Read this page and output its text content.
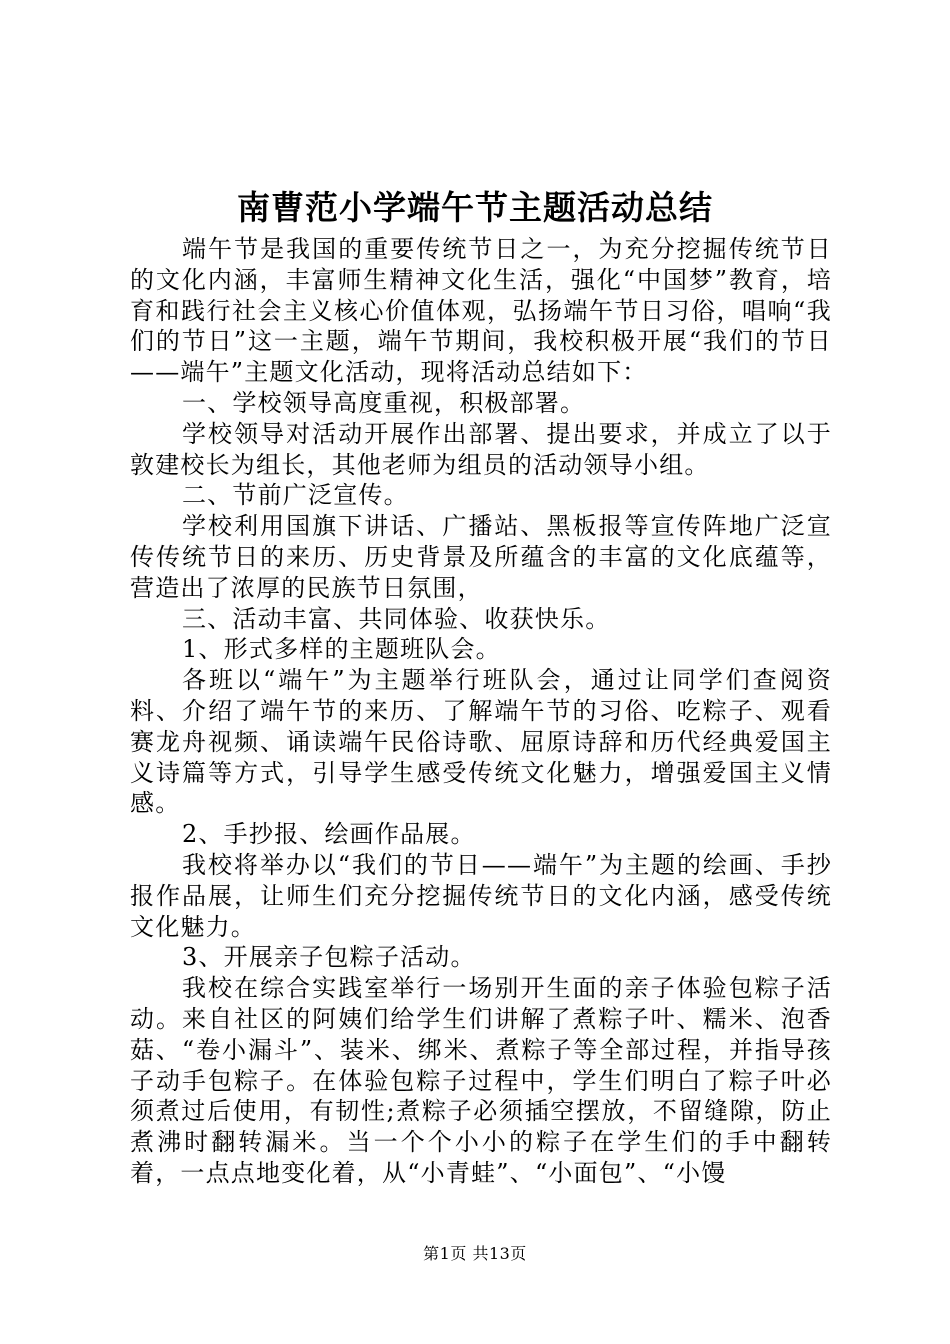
南曹范小学端午节主题活动总结

端午节是我国的重要传统节日之一，为充分挖掘传统节日的文化内涵，丰富师生精神文化生活，强化“中国梦”教育，培育和践行社会主义核心价值体观，弘扬端午节日习俗，唱响“我们的节日”这一主题，端午节期间，我校积极开展“我们的节日——端午”主题文化活动，现将活动总结如下：

一、学校领导高度重视，积极部署。

学校领导对活动开展作出部署、提出要求，并成立了以于敦建校长为组长，其他老师为组员的活动领导小组。

二、节前广泛宣传。

学校利用国旗下讲话、广播站、黑板报等宣传阵地广泛宣传传统节日的来历、历史背景及所蕴含的丰富的文化底蕴等，营造出了浓厚的民族节日氛围，

三、活动丰富、共同体验、收获快乐。

1、形式多样的主题班队会。

各班以“端午”为主题举行班队会，通过让同学们查阅资料、介绍了端午节的来历、了解端午节的习俗、吃粽子、观看赛龙舟视频、诵读端午民俗诗歌、屈原诗辞和历代经典爱国主义诗篇等方式，引导学生感受传统文化魅力，增强爱国主义情感。

2、手抄报、绘画作品展。

我校将举办以“我们的节日——端午”为主题的绘画、手抄报作品展，让师生们充分挖掘传统节日的文化内涵，感受传统文化魅力。

3、开展亲子包粽子活动。

我校在综合实践室举行一场别开生面的亲子体验包粽子活动。来自社区的阿姨们给学生们讲解了煮粽子叶、糯米、泡香菇、“卷小漏斗”、装米、绑米、煮粽子等全部过程，并指导孩子动手包粽子。在体验包粽子过程中，学生们明白了粽子叶必须煮过后使用，有韧性;煮粽子必须插空摆放，不留缝隙，防止煮沸时翻转漏米。当一个个小小的粽子在学生们的手中翻转着，一点点地变化着，从“小青蛙”、“小面包”、“小馒

第1页 共13页
